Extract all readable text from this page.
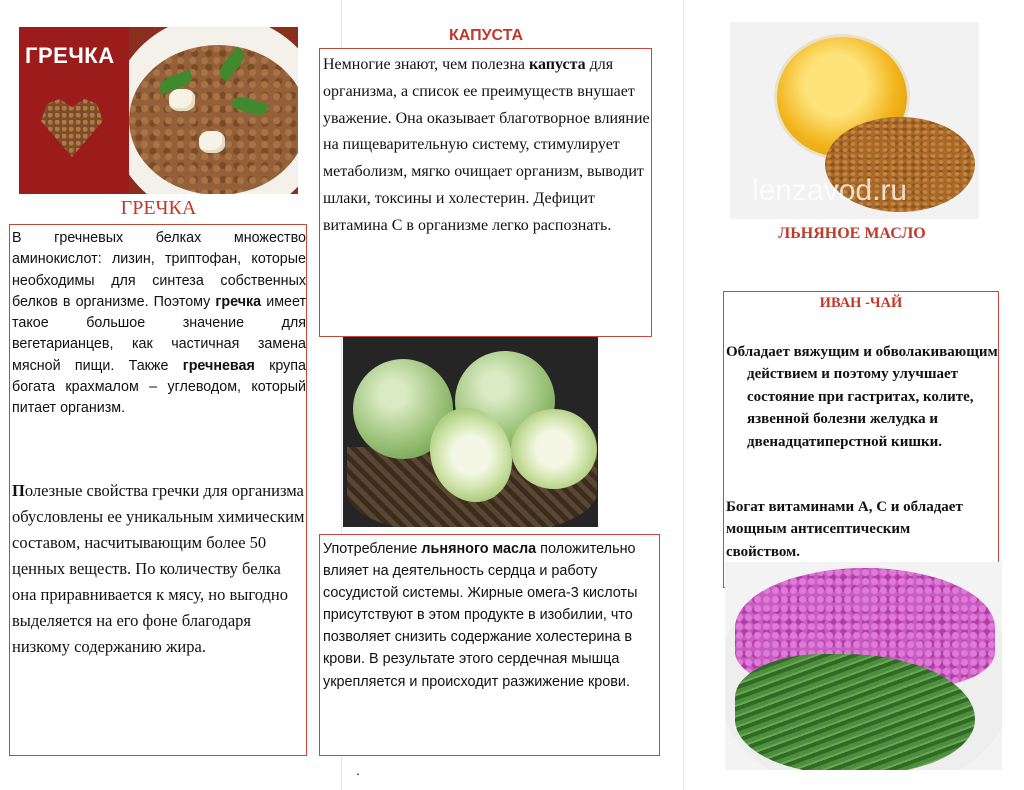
ГРЕЧКА
ГРЕЧКА
В гречневых белках множество аминокислот: лизин, триптофан, которые необходимы для синтеза собственных белков в организме. Поэтому гречка имеет такое большое значение для вегетарианцев, как частичная замена мясной пищи. Также гречневая крупа богата крахмалом – углеводом, который питает организм.
Полезные свойства гречки для организма обусловлены ее уникальным химическим составом, насчитывающим более 50 ценных веществ. По количеству белка она приравнивается к мясу, но выгодно выделяется на его фоне благодаря низкому содержанию жира.
КАПУСТА
Немногие знают, чем полезна капуста для организма, а список ее преимуществ внушает уважение. Она оказывает благотворное влияние на пищеварительную систему, стимулирует метаболизм, мягко очищает организм, выводит шлаки, токсины и холестерин. Дефицит витамина С в организме легко распознать.
Употребление льняного масла положительно влияет на деятельность сердца и работу сосудистой системы. Жирные омега-3 кислоты присутствуют в этом продукте в изобилии, что позволяет снизить содержание холестерина в крови. В результате этого сердечная мышца укрепляется и происходит разжижение крови.
.
lenzavod.ru
ЛЬНЯНОЕ МАСЛО
ИВАН -ЧАЙ
Обладает вяжущим и обволакивающим действием и поэтому улучшает состояние при гастритах, колите, язвенной болезни желудка и двенадцатиперстной кишки.
Богат витаминами А, С и обладает мощным антисептическим свойством.
